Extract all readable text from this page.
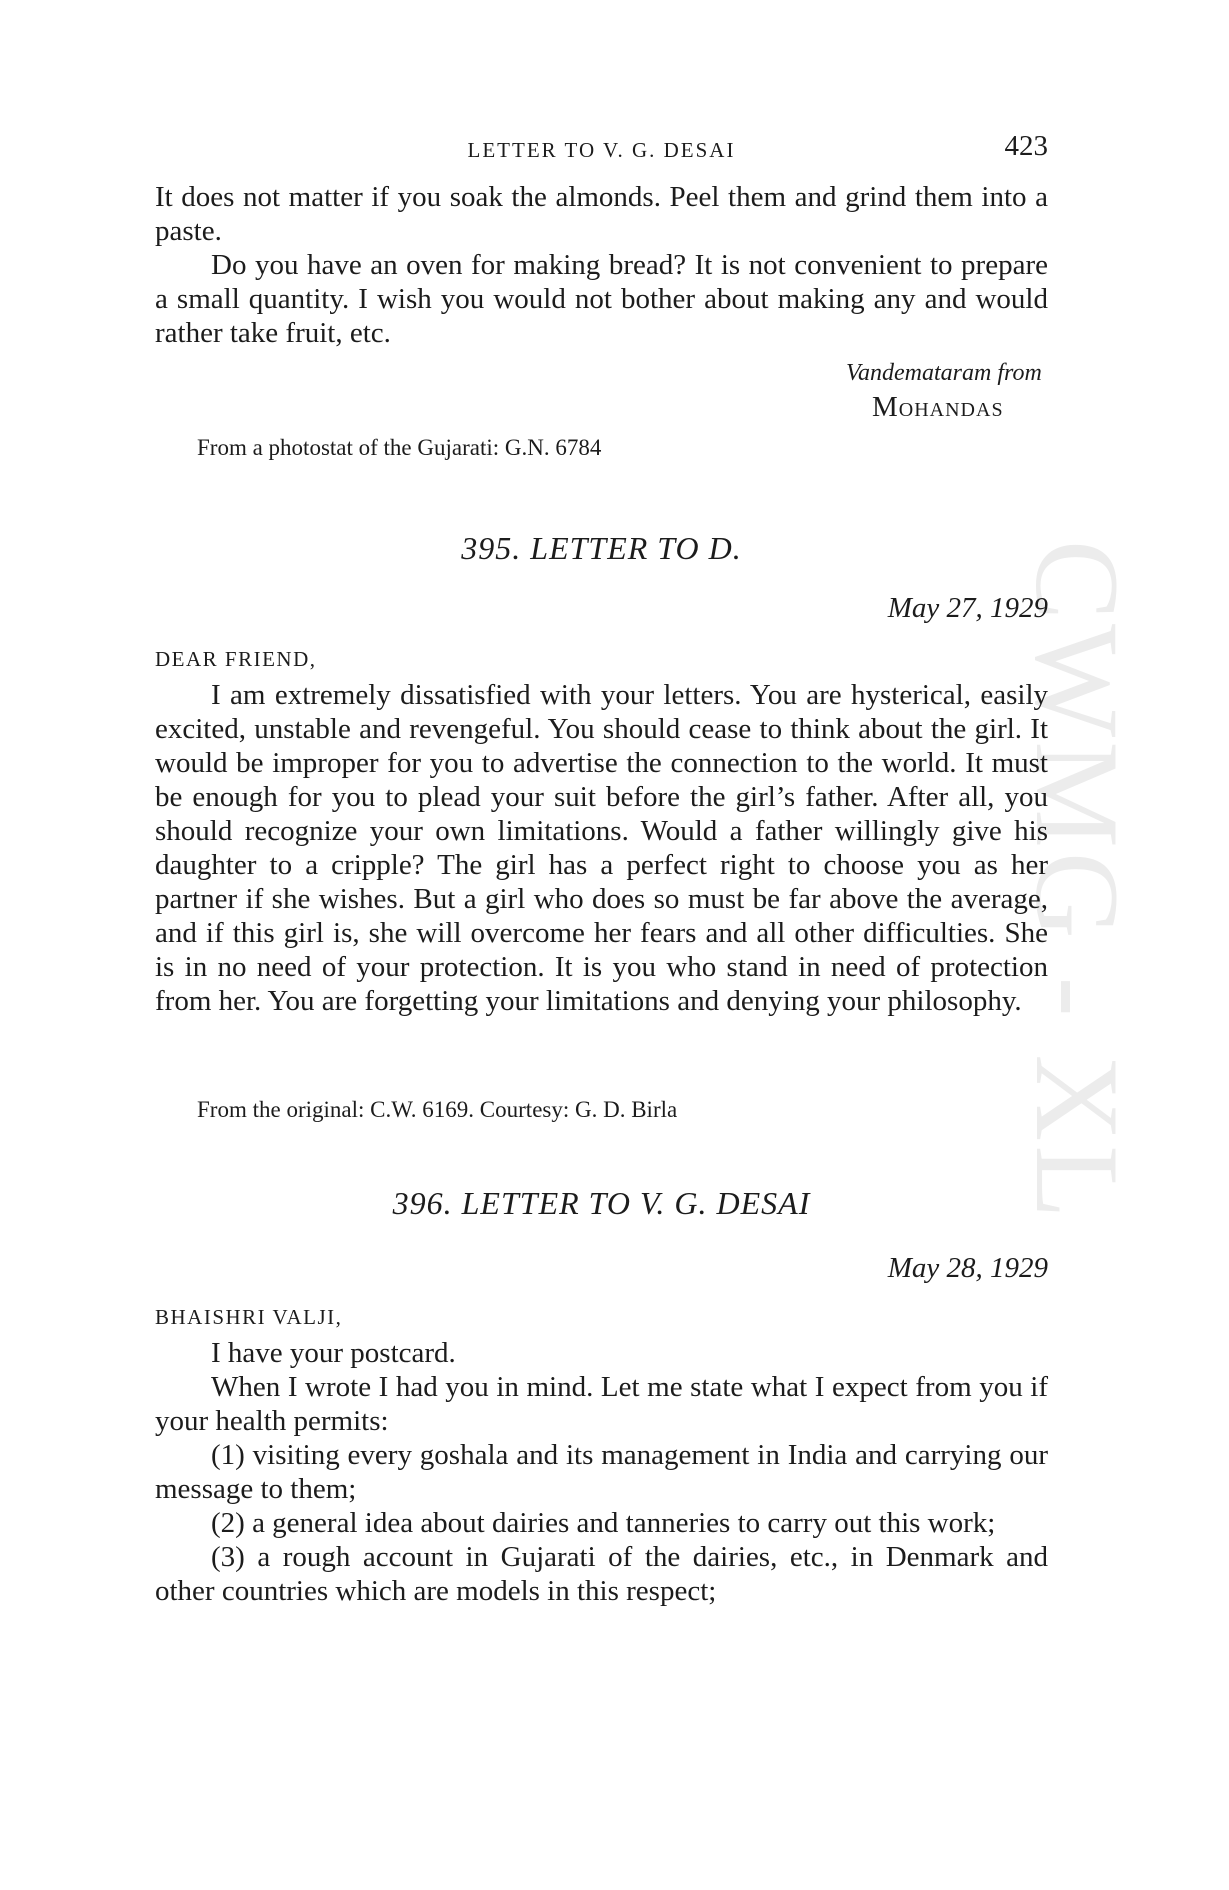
CWMG - XL
LETTER TO V. G. DESAI	423

It does not matter if you soak the almonds. Peel them and grind them into a paste.

Do you have an oven for making bread? It is not convenient to prepare a small quantity. I wish you would not bother about making any and would rather take fruit, etc.

Vandemataram from
Mohandas
From a photostat of the Gujarati: G.N. 6784
395. LETTER TO D.
May 27, 1929
DEAR FRIEND,

I am extremely dissatisfied with your letters. You are hysterical, easily excited, unstable and revengeful. You should cease to think about the girl. It would be improper for you to advertise the connection to the world. It must be enough for you to plead your suit before the girl’s father. After all, you should recognize your own limitations. Would a father willingly give his daughter to a cripple? The girl has a perfect right to choose you as her partner if she wishes. But a girl who does so must be far above the average, and if this girl is, she will overcome her fears and all other difficulties. She is in no need of your protection. It is you who stand in need of protection from her. You are forgetting your limitations and denying your philosophy.

From the original: C.W. 6169. Courtesy: G. D. Birla
396. LETTER TO V. G. DESAI
May 28, 1929
BHAISHRI VALJI,

I have your postcard.

When I wrote I had you in mind. Let me state what I expect from you if your health permits:

(1) visiting every goshala and its management in India and carrying our message to them;

(2) a general idea about dairies and tanneries to carry out this work;

(3) a rough account in Gujarati of the dairies, etc., in Denmark and other countries which are models in this respect;
